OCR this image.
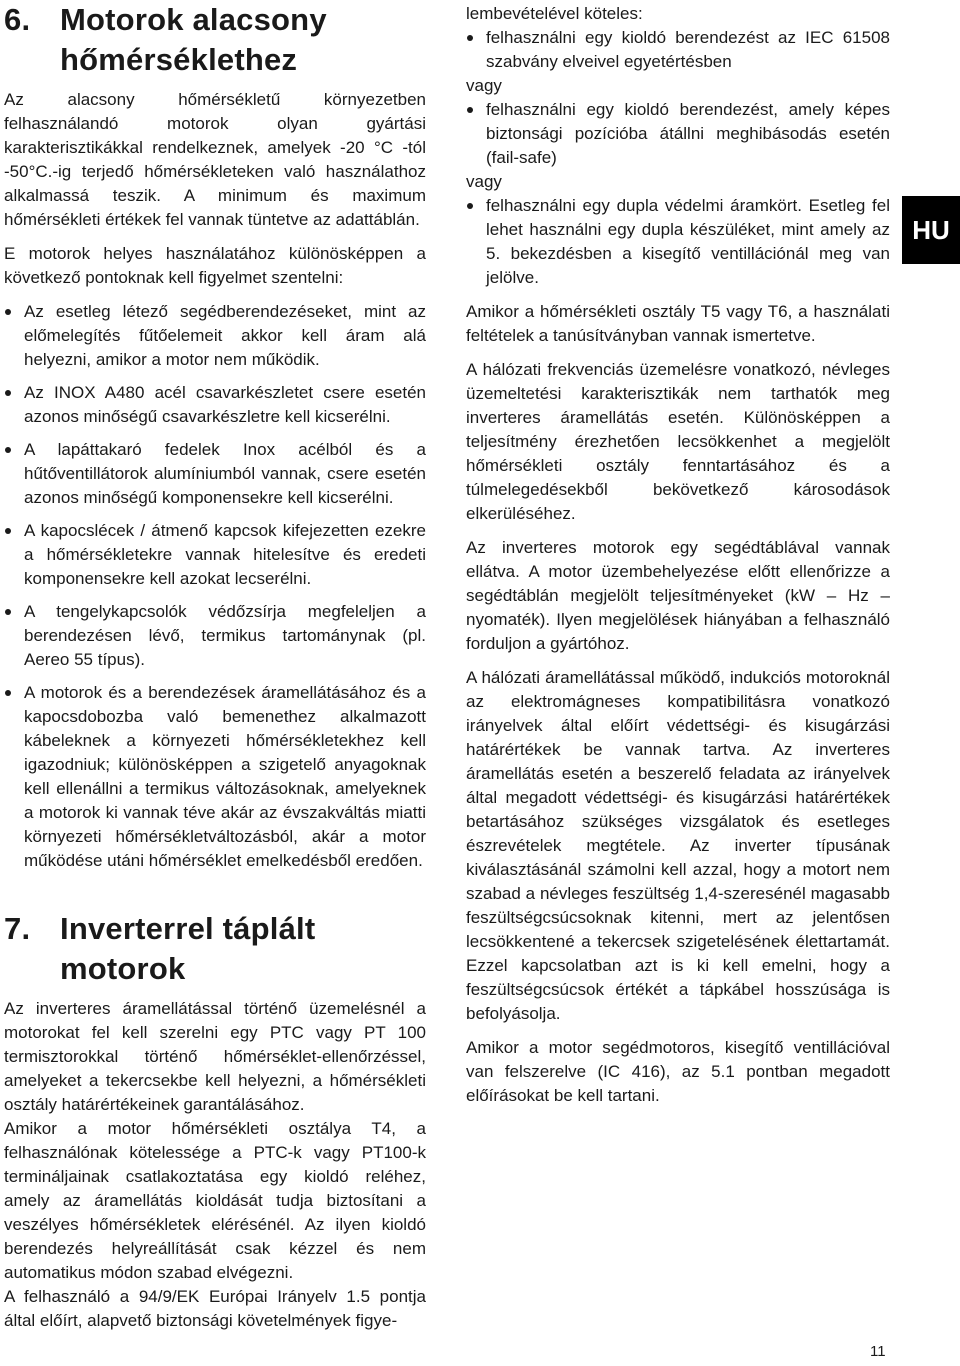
6. Motorok alacsony hőmérséklethez

Az alacsony hőmérsékletű környezetben felhasználandó motorok olyan gyártási karakterisztikákkal rendelkeznek, amelyek -20 °C -tól -50°C.-ig terjedő hőmérsékleteken való használathoz alkalmassá teszik. A minimum és maximum hőmérsékleti értékek fel vannak tüntetve az adattáblán.

E motorok helyes használatához különösképpen a következő pontoknak kell figyelmet szentelni:

Az esetleg létező segédberendezéseket, mint az előmelegítés fűtőelemeit akkor kell áram alá helyezni, amikor a motor nem működik.
Az INOX A480 acél csavarkészletet csere esetén azonos minőségű csavarkészletre kell kicserélni.
A lapáttakaró fedelek Inox acélból és a hűtőventillátorok alumíniumból vannak, csere esetén azonos minőségű komponensekre kell kicserélni.
A kapocslécek / átmenő kapcsok kifejezetten ezekre a hőmérsékletekre vannak hitelesítve és eredeti komponensekre kell azokat lecserélni.
A tengelykapcsolók védőzsírja megfeleljen a berendezésen lévő, termikus tartománynak (pl. Aereo 55 típus).
A motorok és a berendezések áramellátásához és a kapocsdobozba való bemenethez alkalmazott kábeleknek a környezeti hőmérsékletekhez kell igazodniuk; különösképpen a szigetelő anyagoknak kell ellenállni a termikus változásoknak, amelyeknek a motorok ki vannak téve akár az évszakváltás miatti környezeti hőmérsékletváltozásból, akár a motor működése utáni hőmérséklet emelkedésből eredően.
7. Inverterrel táplált motorok

Az inverteres áramellátással történő üzemelésnél a motorokat fel kell szerelni egy PTC vagy PT 100 termisztorokkal történő hőmérséklet-ellenőrzéssel, amelyeket a tekercsekbe kell helyezni, a hőmérsékleti osztály határértékeinek garantálásához.

Amikor a motor hőmérsékleti osztálya T4, a felhasználónak kötelessége a PTC-k vagy PT100-k termináljainak csatlakoztatása egy kioldó reléhez, amely az áramellátás kioldását tudja biztosítani a veszélyes hőmérsékletek elérésénél. Az ilyen kioldó berendezés helyreállítását csak kézzel és nem automatikus módon szabad elvégezni.

A felhasználó a 94/9/EK Európai Irányelv 1.5 pontja által előírt, alapvető biztonsági követelmények figye-

lembevételével köteles:

felhasználni egy kioldó berendezést az IEC 61508 szabvány elveivel egyetértésben

vagy

felhasználni egy kioldó berendezést, amely képes biztonsági pozícióba átállni meghibásodás esetén (fail-safe)

vagy

felhasználni egy dupla védelmi áramkört. Esetleg fel lehet használni egy dupla készüléket, mint amely az 5. bekezdésben a kisegítő ventillációnál meg van jelölve.

Amikor a hőmérsékleti osztály T5 vagy T6, a használati feltételek a tanúsítványban vannak ismertetve.

A hálózati frekvenciás üzemelésre vonatkozó, névleges üzemeltetési karakterisztikák nem tarthatók meg inverteres áramellátás esetén. Különösképpen a teljesítmény érezhetően lecsökkenhet a megjelölt hőmérsékleti osztály fenntartásához és a túlmelegedésekből bekövetkező károsodások elkerüléséhez.

Az inverteres motorok egy segédtáblával vannak ellátva. A motor üzembehelyezése előtt ellenőrizze a segédtáblán megjelölt teljesítményeket (kW – Hz – nyomaték). Ilyen megjelölések hiányában a felhasználó forduljon a gyártóhoz.

A hálózati áramellátással működő, indukciós motoroknál az elektromágneses kompatibilitásra vonatkozó irányelvek által előírt védettségi- és kisugárzási határértékek be vannak tartva. Az inverteres áramellátás esetén a beszerelő feladata az irányelvek által megadott védettségi- és kisugárzási határértékek betartásához szükséges vizsgálatok és esetleges észrevételek megtétele. Az inverter típusának kiválasztásánál számolni kell azzal, hogy a motort nem szabad a névleges feszültség 1,4-szeresénél magasabb feszültségcsúcsoknak kitenni, mert az jelentősen lecsökkentené a tekercsek szigetelésének élettartamát. Ezzel kapcsolatban azt is ki kell emelni, hogy a feszültségcsúcsok értékét a tápkábel hosszúsága is befolyásolja.

Amikor a motor segédmotoros, kisegítő ventillációval van felszerelve (IC 416), az 5.1 pontban megadott előírásokat be kell tartani.

HU
11
